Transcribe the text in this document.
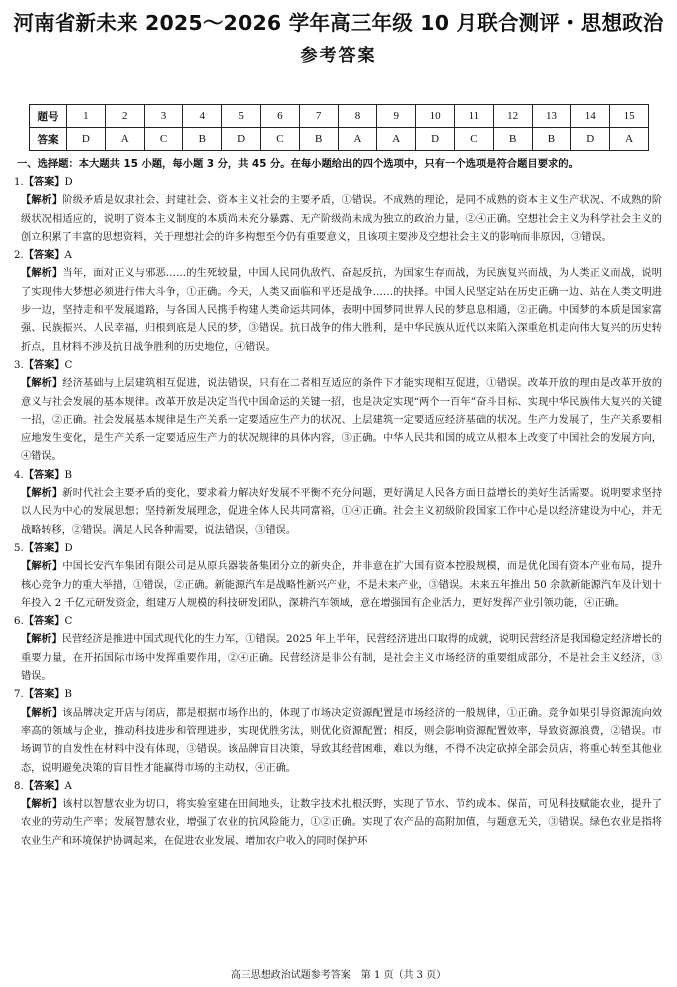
河南省新未来 2025～2026 学年高三年级 10 月联合测评・思想政治
参考答案
题号	1	2	3	4	5	6	7	8	9	10	11	12	13	14	15
答案	D	A	C	B	D	C	B	A	A	D	C	B	B	D	A
一、选择题：本大题共 15 小题，每小题 3 分，共 45 分。在每小题给出的四个选项中，只有一个选项是符合题目要求的。
1.【答案】D
【解析】阶级矛盾是奴隶社会、封建社会、资本主义社会的主要矛盾，①错误。不成熟的理论，是同不成熟的资本主义生产状况、不成熟的阶级状况相适应的，说明了资本主义制度的本质尚未充分暴露、无产阶级尚未成为独立的政治力量，②④正确。空想社会主义为科学社会主义的创立积累了丰富的思想资料，关于理想社会的许多构想至今仍有重要意义，且该项主要涉及空想社会主义的影响而非原因，③错误。
2.【答案】A
【解析】当年，面对正义与邪恶……的生死较量，中国人民同仇敌忾、奋起反抗，为国家生存而战，为民族复兴而战，为人类正义而战，说明了实现伟大梦想必须进行伟大斗争，①正确。今天，人类又面临和平还是战争……的抉择。中国人民坚定站在历史正确一边、站在人类文明进步一边，坚持走和平发展道路，与各国人民携手构建人类命运共同体，表明中国梦同世界人民的梦息息相通，②正确。中国梦的本质是国家富强、民族振兴、人民幸福，归根到底是人民的梦，③错误。抗日战争的伟大胜利，是中华民族从近代以来陷入深重危机走向伟大复兴的历史转折点，且材料不涉及抗日战争胜利的历史地位，④错误。
3.【答案】C
【解析】经济基础与上层建筑相互促进，说法错误，只有在二者相互适应的条件下才能实现相互促进，①错误。改革开放的理由是改革开放的意义与社会发展的基本规律。改革开放是决定当代中国命运的关键一招，也是决定实现“两个一百年”奋斗目标、实现中华民族伟大复兴的关键一招，②正确。社会发展基本规律是生产关系一定要适应生产力的状况、上层建筑一定要适应经济基础的状况。生产力发展了，生产关系要相应地发生变化，是生产关系一定要适应生产力的状况规律的具体内容，③正确。中华人民共和国的成立从根本上改变了中国社会的发展方向，④错误。
4.【答案】B
【解析】新时代社会主要矛盾的变化，要求着力解决好发展不平衡不充分问题，更好满足人民各方面日益增长的美好生活需要。说明要求坚持以人民为中心的发展思想；坚持新发展理念，促进全体人民共同富裕，①④正确。社会主义初级阶段国家工作中心是以经济建设为中心，并无战略转移，②错误。满足人民各种需要，说法错误，③错误。
5.【答案】D
【解析】中国长安汽车集团有限公司是从原兵器装备集团分立的新央企，并非意在扩大国有资本控股规模，而是优化国有资本产业布局，提升核心竞争力的重大举措，①错误，②正确。新能源汽车是战略性新兴产业，不是未来产业，③错误。未来五年推出 50 余款新能源汽车及计划十年投入 2 千亿元研发资金，组建万人规模的科技研发团队，深耕汽车领域，意在增强国有企业活力，更好发挥产业引领功能，④正确。
6.【答案】C
【解析】民营经济是推进中国式现代化的生力军，①错误。2025 年上半年，民营经济进出口取得的成就，说明民营经济是我国稳定经济增长的重要力量，在开拓国际市场中发挥重要作用，②④正确。民营经济是非公有制，是社会主义市场经济的重要组成部分，不是社会主义经济，③错误。
7.【答案】B
【解析】该品牌决定开店与闭店，都是根据市场作出的，体现了市场决定资源配置是市场经济的一般规律，①正确。竞争如果引导资源流向效率高的领域与企业，推动科技进步和管理进步，实现优胜劣汰，则优化资源配置；相反，则会影响资源配置效率，导致资源浪费，②错误。市场调节的自发性在材料中没有体现，③错误。该品牌盲目决策，导致其经营困难，难以为继，不得不决定砍掉全部会员店，将重心转至其他业态，说明避免决策的盲目性才能赢得市场的主动权，④正确。
8.【答案】A
【解析】该村以智慧农业为切口，将实验室建在田间地头，让数字技术扎根沃野，实现了节水、节约成本、保苗，可见科技赋能农业，提升了农业的劳动生产率；发展智慧农业，增强了农业的抗风险能力，①②正确。实现了农产品的高附加值，与题意无关，③错误。绿色农业是指将农业生产和环境保护协调起来，在促进农业发展、增加农户收入的同时保护环
高三思想政治试题参考答案　第 1 页（共 3 页）
